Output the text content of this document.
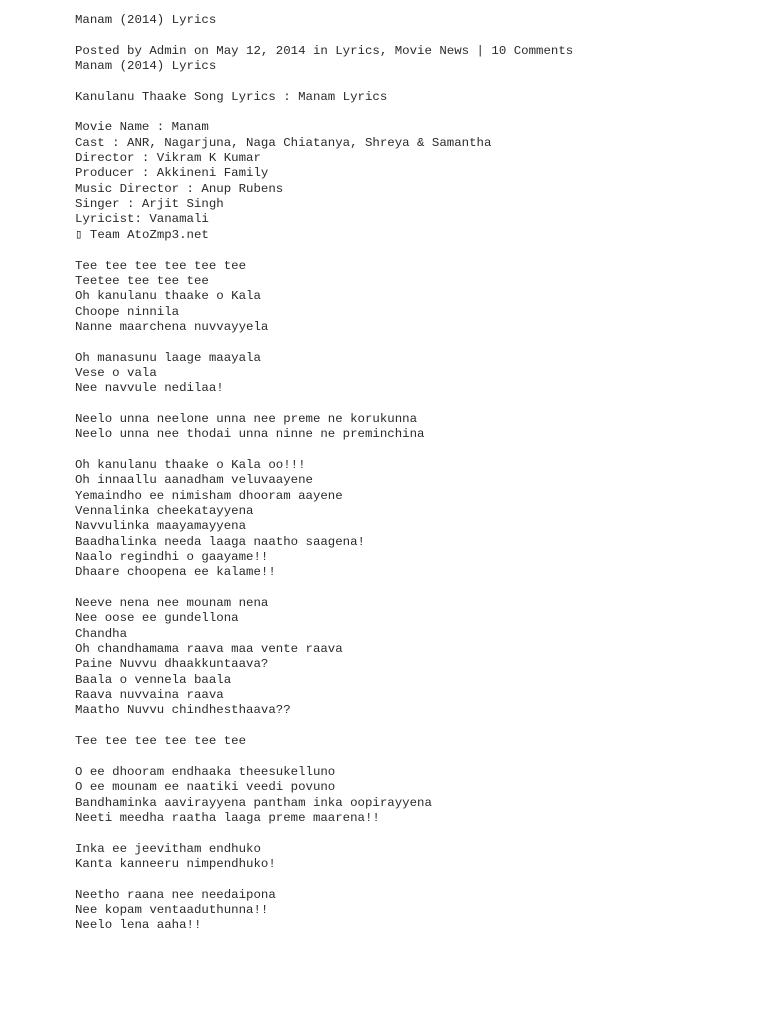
Manam (2014) Lyrics
Posted by Admin on May 12, 2014 in Lyrics, Movie News | 10 Comments
Manam (2014) Lyrics
Kanulanu Thaake Song Lyrics : Manam Lyrics
Movie Name : Manam
Cast : ANR, Nagarjuna, Naga Chiatanya, Shreya & Samantha
Director : Vikram K Kumar
Producer : Akkineni Family
Music Director : Anup Rubens
Singer : Arjit Singh
Lyricist: Vanamali
▯ Team AtoZmp3.net
Tee tee tee tee tee tee
Teetee tee tee tee
Oh kanulanu thaake o Kala
Choope ninnila
Nanne maarchena nuvvayyela
Oh manasunu laage maayala
Vese o vala
Nee navvule nedilaa!
Neelo unna neelone unna nee preme ne korukunna
Neelo unna nee thodai unna ninne ne preminchina
Oh kanulanu thaake o Kala oo!!!
Oh innaallu aanadham veluvaayene
Yemaindho ee nimisham dhooram aayene
Vennalinka cheekatayyena
Navvulinka maayamayyena
Baadhalinka needa laaga naatho saagena!
Naalo regindhi o gaayame!!
Dhaare choopena ee kalame!!
Neeve nena nee mounam nena
Nee oose ee gundellona
Chandha
Oh chandhamama raava maa vente raava
Paine Nuvvu dhaakkuntaava?
Baala o vennela baala
Raava nuvvaina raava
Maatho Nuvvu chindhesthaava??
Tee tee tee tee tee tee
O ee dhooram endhaaka theesukelluno
O ee mounam ee naatiki veedi povuno
Bandhaminka aavirayyena pantham inka oopirayyena
Neeti meedha raatha laaga preme maarena!!
Inka ee jeevitham endhuko
Kanta kanneeru nimpendhuko!
Neetho raana nee needaipona
Nee kopam ventaaduthunna!!
Neelo lena aaha!!
